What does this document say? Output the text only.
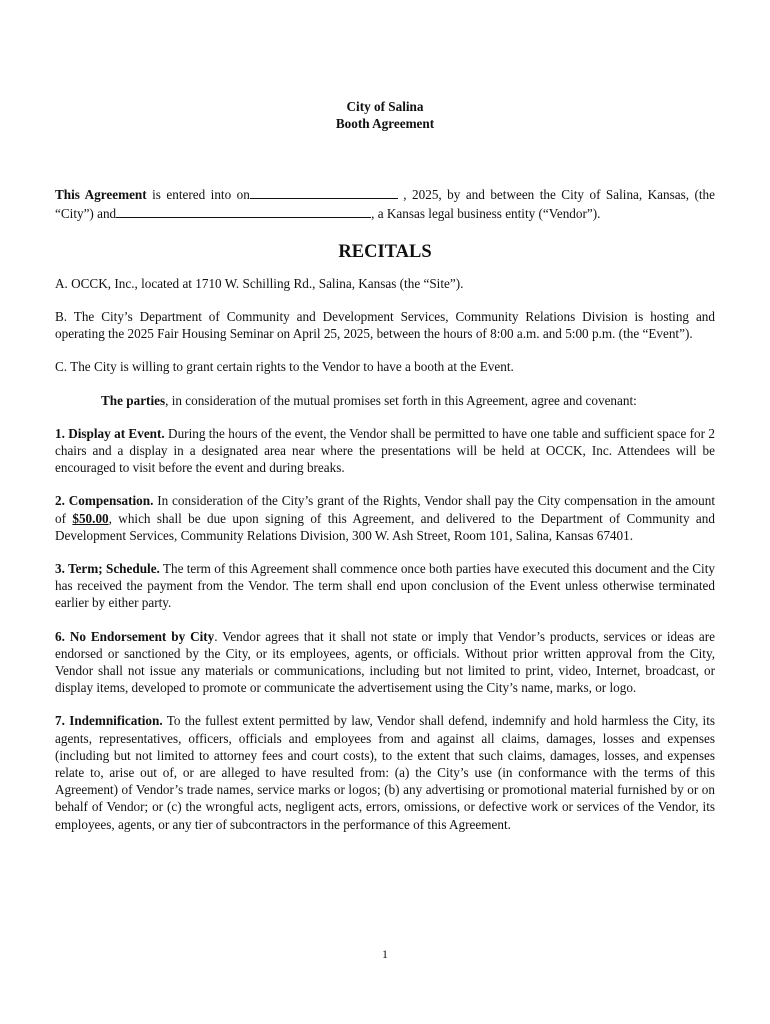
City of Salina
Booth Agreement

This Agreement is entered into on	, 2025, by and between the City of Salina, Kansas, (the “City”) and	, a Kansas legal business entity (“Vendor”).

RECITALS

A. OCCK, Inc., located at 1710 W. Schilling Rd., Salina, Kansas (the “Site”).

B. The City’s Department of Community and Development Services, Community Relations Division is hosting and operating the 2025 Fair Housing Seminar on April 25, 2025, between the hours of 8:00 a.m. and 5:00 p.m. (the “Event”).

C. The City is willing to grant certain rights to the Vendor to have a booth at the Event.

The parties, in consideration of the mutual promises set forth in this Agreement, agree and covenant:

1. Display at Event. During the hours of the event, the Vendor shall be permitted to have one table and sufficient space for 2 chairs and a display in a designated area near where the presentations will be held at OCCK, Inc. Attendees will be encouraged to visit before the event and during breaks.

2. Compensation. In consideration of the City’s grant of the Rights, Vendor shall pay the City compensation in the amount of $50.00, which shall be due upon signing of this Agreement, and delivered to the Department of Community and Development Services, Community Relations Division, 300 W. Ash Street, Room 101, Salina, Kansas 67401.

3. Term; Schedule. The term of this Agreement shall commence once both parties have executed this document and the City has received the payment from the Vendor. The term shall end upon conclusion of the Event unless otherwise terminated earlier by either party.

6. No Endorsement by City. Vendor agrees that it shall not state or imply that Vendor’s products, services or ideas are endorsed or sanctioned by the City, or its employees, agents, or officials. Without prior written approval from the City, Vendor shall not issue any materials or communications, including but not limited to print, video, Internet, broadcast, or display items, developed to promote or communicate the advertisement using the City’s name, marks, or logo.

7. Indemnification. To the fullest extent permitted by law, Vendor shall defend, indemnify and hold harmless the City, its agents, representatives, officers, officials and employees from and against all claims, damages, losses and expenses (including but not limited to attorney fees and court costs), to the extent that such claims, damages, losses, and expenses relate to, arise out of, or are alleged to have resulted from: (a) the City’s use (in conformance with the terms of this Agreement) of Vendor’s trade names, service marks or logos; (b) any advertising or promotional material furnished by or on behalf of Vendor; or (c) the wrongful acts, negligent acts, errors, omissions, or defective work or services of the Vendor, its employees, agents, or any tier of subcontractors in the performance of this Agreement.

1
